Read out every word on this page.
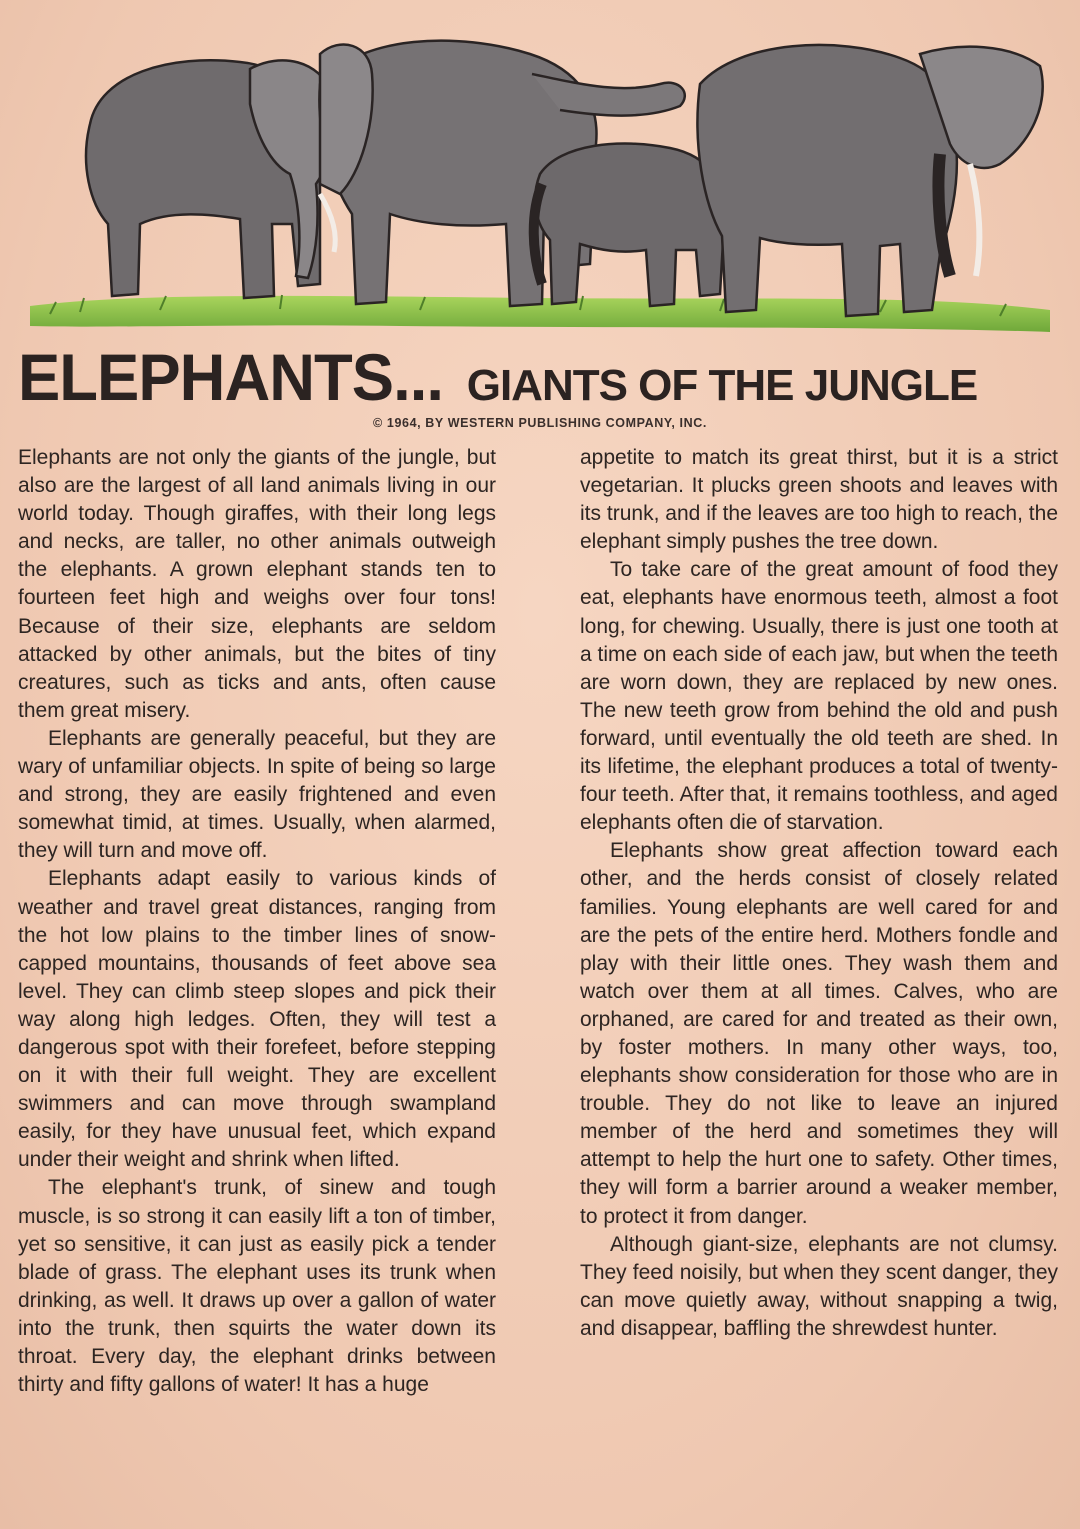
ELEPHANTS... GIANTS OF THE JUNGLE
© 1964, BY WESTERN PUBLISHING COMPANY, INC.

Elephants are not only the giants of the jungle, but also are the largest of all land animals living in our world today. Though giraffes, with their long legs and necks, are taller, no other animals outweigh the elephants. A grown elephant stands ten to fourteen feet high and weighs over four tons! Because of their size, elephants are seldom attacked by other animals, but the bites of tiny creatures, such as ticks and ants, often cause them great misery.

Elephants are generally peaceful, but they are wary of unfamiliar objects. In spite of being so large and strong, they are easily frightened and even somewhat timid, at times. Usually, when alarmed, they will turn and move off.

Elephants adapt easily to various kinds of weather and travel great distances, ranging from the hot low plains to the timber lines of snow-capped mountains, thousands of feet above sea level. They can climb steep slopes and pick their way along high ledges. Often, they will test a dangerous spot with their forefeet, before stepping on it with their full weight. They are excellent swimmers and can move through swampland easily, for they have unusual feet, which expand under their weight and shrink when lifted.

The elephant's trunk, of sinew and tough muscle, is so strong it can easily lift a ton of timber, yet so sensitive, it can just as easily pick a tender blade of grass. The elephant uses its trunk when drinking, as well. It draws up over a gallon of water into the trunk, then squirts the water down its throat. Every day, the elephant drinks between thirty and fifty gallons of water! It has a huge

appetite to match its great thirst, but it is a strict vegetarian. It plucks green shoots and leaves with its trunk, and if the leaves are too high to reach, the elephant simply pushes the tree down.

To take care of the great amount of food they eat, elephants have enormous teeth, almost a foot long, for chewing. Usually, there is just one tooth at a time on each side of each jaw, but when the teeth are worn down, they are replaced by new ones. The new teeth grow from behind the old and push forward, until eventually the old teeth are shed. In its lifetime, the elephant produces a total of twenty-four teeth. After that, it remains toothless, and aged elephants often die of starvation.

Elephants show great affection toward each other, and the herds consist of closely related families. Young elephants are well cared for and are the pets of the entire herd. Mothers fondle and play with their little ones. They wash them and watch over them at all times. Calves, who are orphaned, are cared for and treated as their own, by foster mothers. In many other ways, too, elephants show consideration for those who are in trouble. They do not like to leave an injured member of the herd and sometimes they will attempt to help the hurt one to safety. Other times, they will form a barrier around a weaker member, to protect it from danger.

Although giant-size, elephants are not clumsy. They feed noisily, but when they scent danger, they can move quietly away, without snapping a twig, and disappear, baffling the shrewdest hunter.
